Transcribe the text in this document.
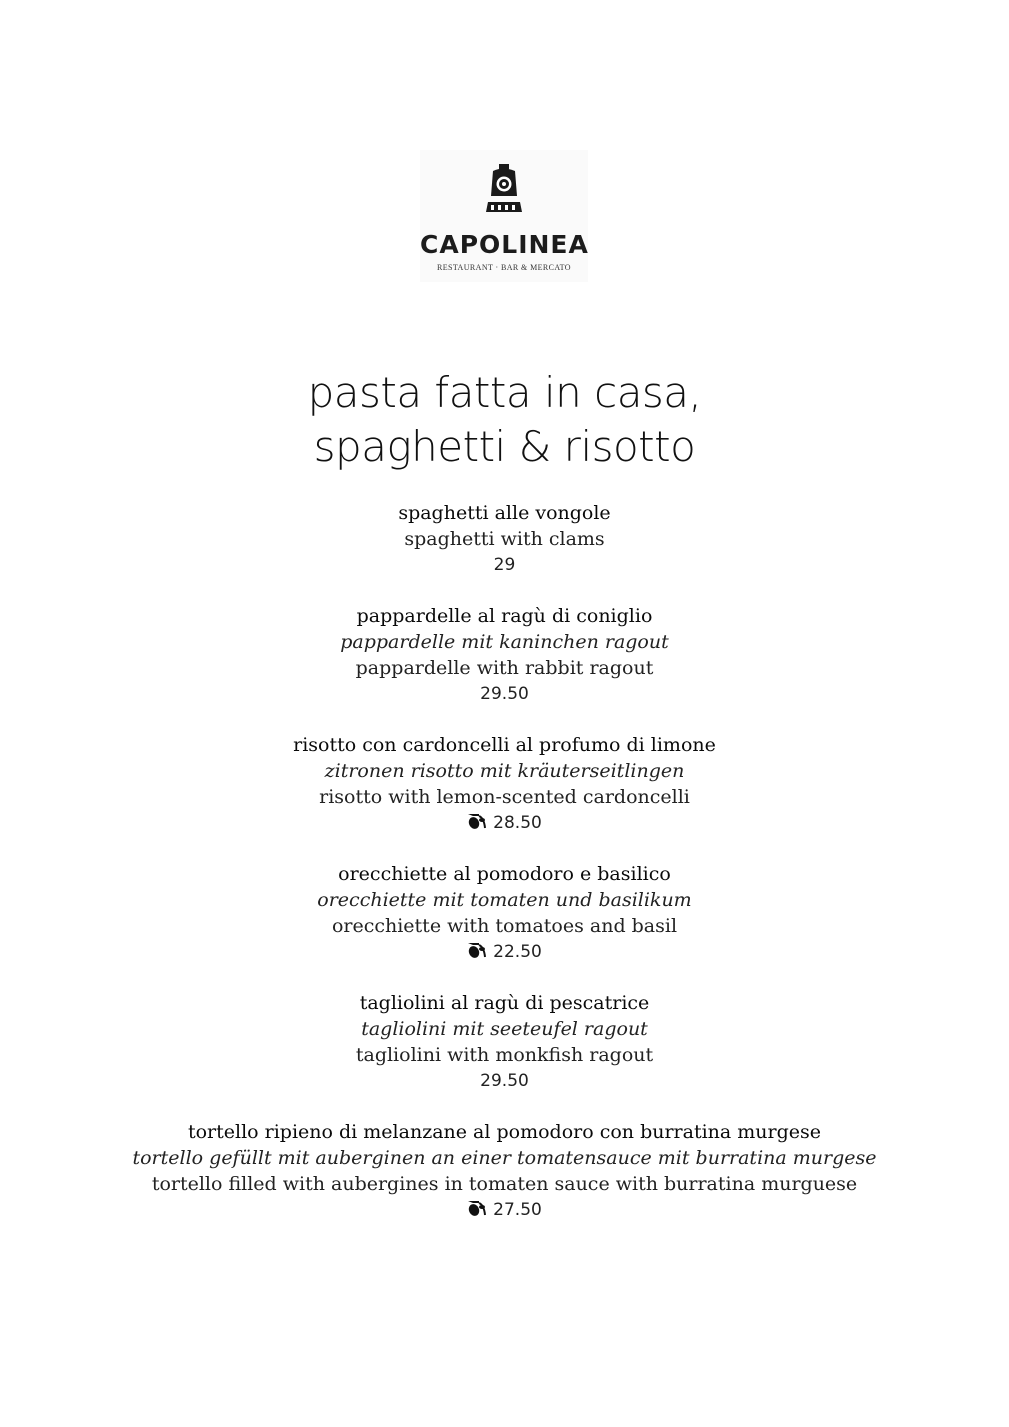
CAPOLINEA
RESTAURANT · BAR & MERCATO
pasta fatta in casa,
spaghetti & risotto
spaghetti alle vongole
spaghetti with clams
29
pappardelle al ragù di coniglio
pappardelle mit kaninchen ragout
pappardelle with rabbit ragout
29.50
risotto con cardoncelli al profumo di limone
zitronen risotto mit kräuterseitlingen
risotto with lemon-scented cardoncelli
28.50
orecchiette al pomodoro e basilico
orecchiette mit tomaten und basilikum
orecchiette with tomatoes and basil
22.50
tagliolini al ragù di pescatrice
tagliolini mit seeteufel ragout
tagliolini with monkfish ragout
29.50
tortello ripieno di melanzane al pomodoro con burratina murgese
tortello gefüllt mit auberginen an einer tomatensauce mit burratina murgese
tortello filled with aubergines in tomaten sauce with burratina murguese
27.50
